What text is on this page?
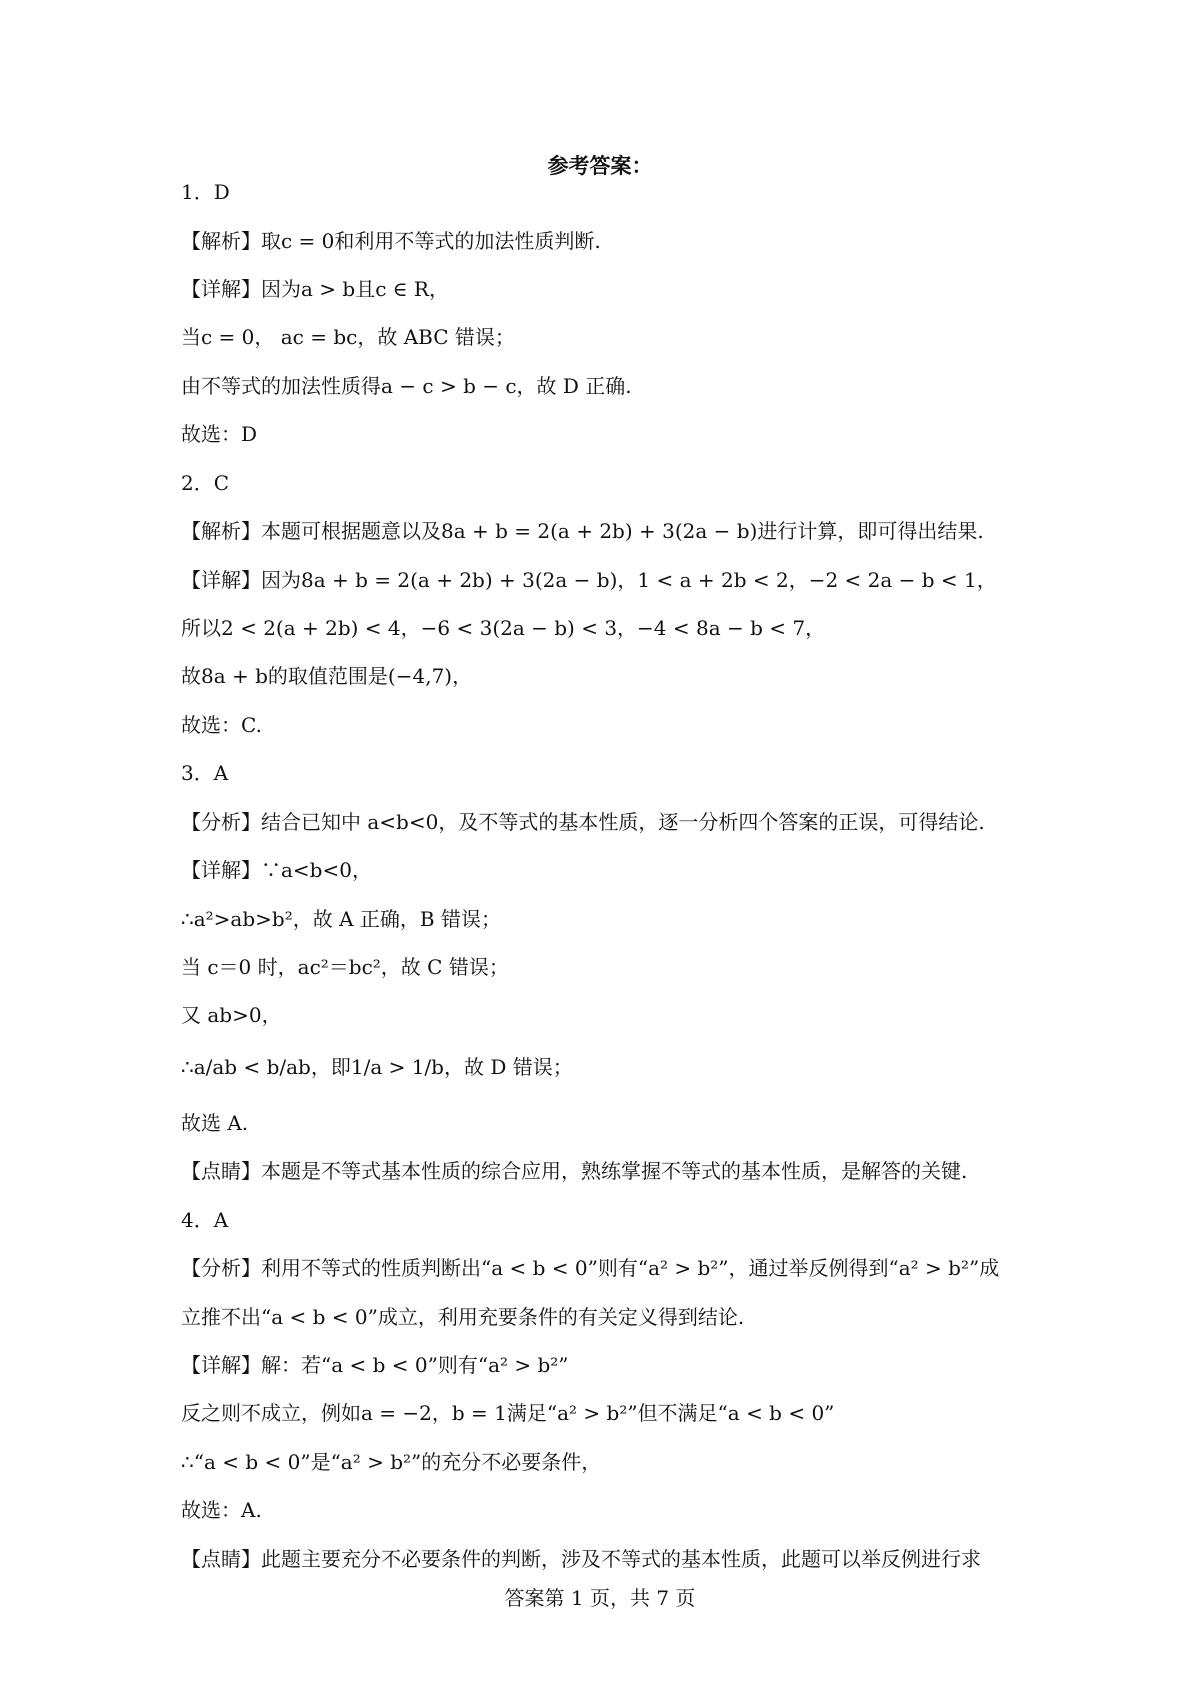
参考答案：
1．D
【解析】取c = 0和利用不等式的加法性质判断.
【详解】因为a > b且c ∈ R，
当c = 0， ac = bc，故 ABC 错误；
由不等式的加法性质得a − c > b − c，故 D 正确.
故选：D
2．C
【解析】本题可根据题意以及8a + b = 2(a + 2b) + 3(2a − b)进行计算，即可得出结果.
【详解】因为8a + b = 2(a + 2b) + 3(2a − b)，1 < a + 2b < 2，−2 < 2a − b < 1，
所以2 < 2(a + 2b) < 4，−6 < 3(2a − b) < 3，−4 < 8a − b < 7，
故8a + b的取值范围是(−4,7)，
故选：C.
3．A
【分析】结合已知中 a<b<0，及不等式的基本性质，逐一分析四个答案的正误，可得结论.
【详解】∵a<b<0，
∴a²>ab>b²，故 A 正确，B 错误；
当 c＝0 时，ac²＝bc²，故 C 错误；
又 ab>0，
∴a/ab < b/ab，即1/a > 1/b，故 D 错误；
故选 A.
【点睛】本题是不等式基本性质的综合应用，熟练掌握不等式的基本性质，是解答的关键.
4．A
【分析】利用不等式的性质判断出“a < b < 0”则有“a² > b²”，通过举反例得到“a² > b²”成
立推不出“a < b < 0”成立，利用充要条件的有关定义得到结论.
【详解】解：若“a < b < 0”则有“a² > b²”
反之则不成立，例如a = −2，b = 1满足“a² > b²”但不满足“a < b < 0”
∴“a < b < 0”是“a² > b²”的充分不必要条件，
故选：A.
【点睛】此题主要充分不必要条件的判断，涉及不等式的基本性质，此题可以举反例进行求
答案第 1 页，共 7 页
